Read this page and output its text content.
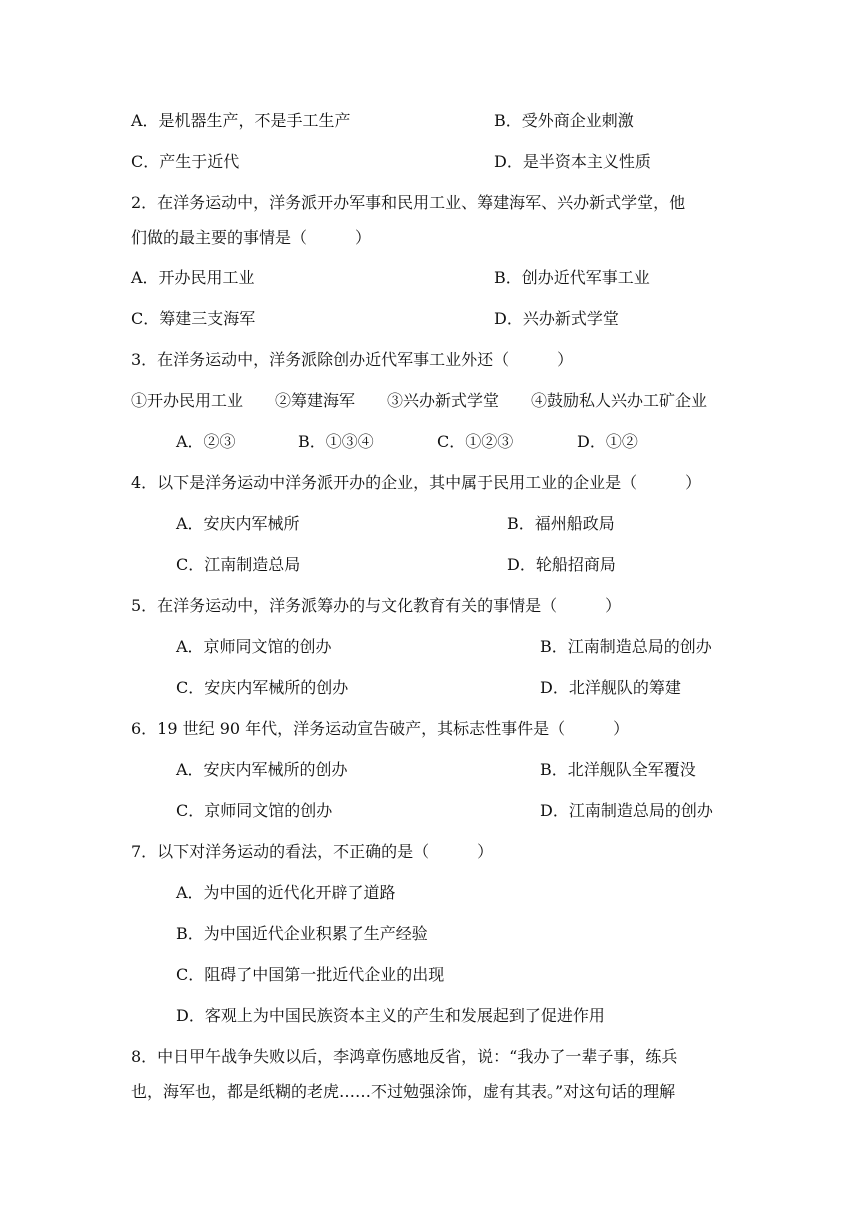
A．是机器生产，不是手工生产	B．受外商企业刺激
C．产生于近代	D．是半资本主义性质
2．在洋务运动中，洋务派开办军事和民用工业、筹建海军、兴办新式学堂，他
们做的最主要的事情是（　　　）
A．开办民用工业	B．创办近代军事工业
C．筹建三支海军	D．兴办新式学堂
3．在洋务运动中，洋务派除创办近代军事工业外还（　　　）
①开办民用工业　　②筹建海军　　③兴办新式学堂　　④鼓励私人兴办工矿企业
A．②③	B．①③④	C．①②③	D．①②
4．以下是洋务运动中洋务派开办的企业，其中属于民用工业的企业是（　　　）
A．安庆内军械所	B．福州船政局
C．江南制造总局	D．轮船招商局
5．在洋务运动中，洋务派筹办的与文化教育有关的事情是（　　　）
A．京师同文馆的创办	B．江南制造总局的创办
C．安庆内军械所的创办	D．北洋舰队的筹建
6．19 世纪 90 年代，洋务运动宣告破产，其标志性事件是（　　　）
A．安庆内军械所的创办	B．北洋舰队全军覆没
C．京师同文馆的创办	D．江南制造总局的创办
7．以下对洋务运动的看法，不正确的是（　　　）
A．为中国的近代化开辟了道路
B．为中国近代企业积累了生产经验
C．阻碍了中国第一批近代企业的出现
D．客观上为中国民族资本主义的产生和发展起到了促进作用
8．中日甲午战争失败以后，李鸿章伤感地反省，说：“我办了一辈子事，练兵
也，海军也，都是纸糊的老虎……不过勉强涂饰，虚有其表。”对这句话的理解
